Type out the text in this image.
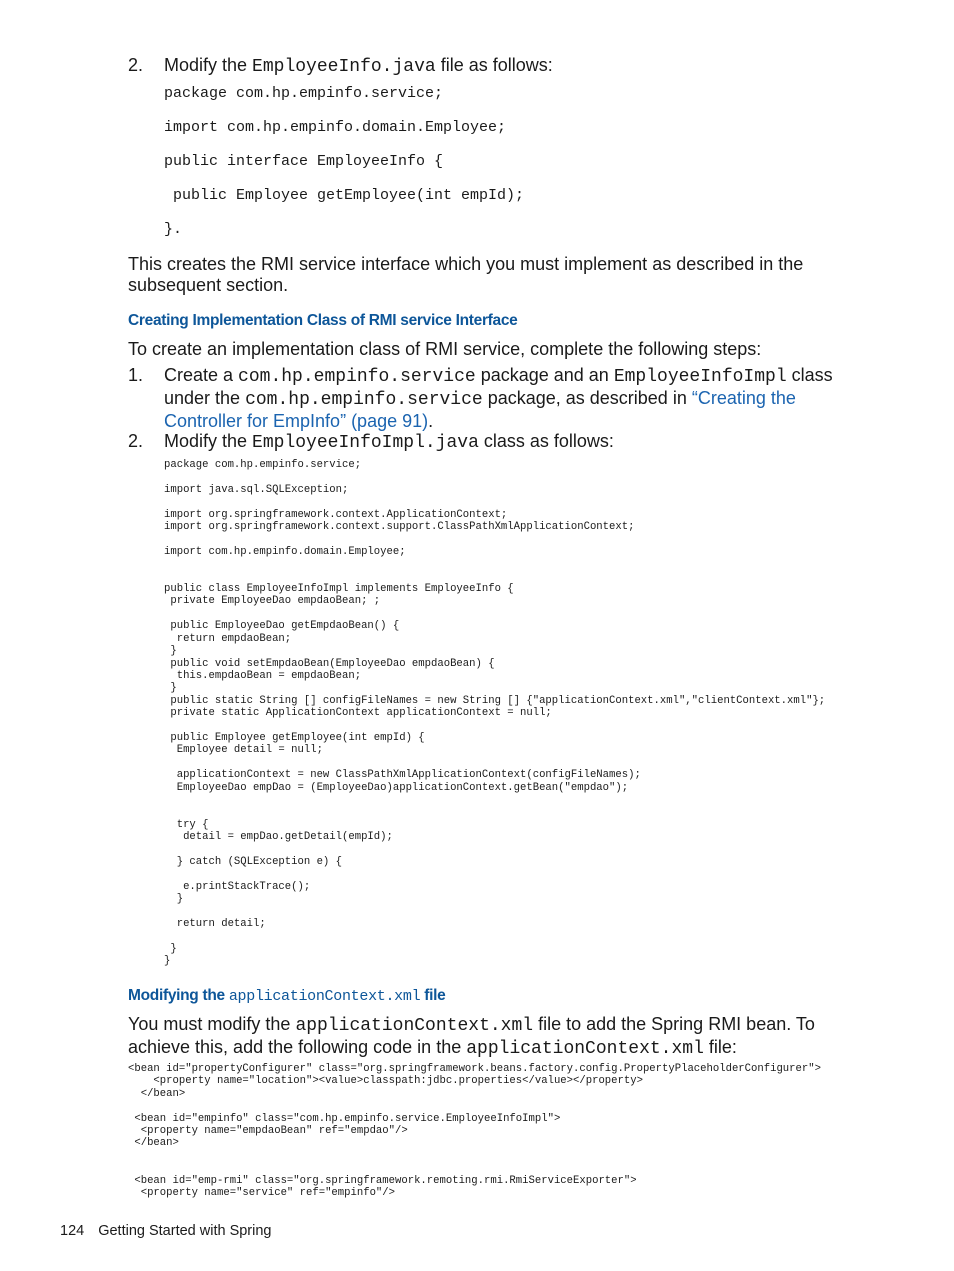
2. Modify the EmployeeInfo.java file as follows:
package com.hp.empinfo.service;

import com.hp.empinfo.domain.Employee;

public interface EmployeeInfo {

public Employee getEmployee(int empId);

}.

This creates the RMI service interface which you must implement as described in the subsequent section.

Creating Implementation Class of RMI service Interface

To create an implementation class of RMI service, complete the following steps:

1. Create a com.hp.empinfo.service package and an EmployeeInfoImpl class under the com.hp.empinfo.service package, as described in “Creating the Controller for EmpInfo” (page 91).
2. Modify the EmployeeInfoImpl.java class as follows:
package com.hp.empinfo.service;

import java.sql.SQLException;

import org.springframework.context.ApplicationContext;
import org.springframework.context.support.ClassPathXmlApplicationContext;

import com.hp.empinfo.domain.Employee;

public class EmployeeInfoImpl implements EmployeeInfo {
private EmployeeDao empdaoBean; ;

public EmployeeDao getEmpdaoBean() {
return empdaoBean;
}
public void setEmpdaoBean(EmployeeDao empdaoBean) {
this.empdaoBean = empdaoBean;
}
public static String [] configFileNames = new String [] {"applicationContext.xml","clientContext.xml"};
private static ApplicationContext applicationContext = null;

public Employee getEmployee(int empId) {
Employee detail = null;

applicationContext = new ClassPathXmlApplicationContext(configFileNames);
EmployeeDao empDao = (EmployeeDao)applicationContext.getBean("empdao");

try {
detail = empDao.getDetail(empId);

} catch (SQLException e) {

e.printStackTrace();
}

return detail;

}
}
Modifying the applicationContext.xml file

You must modify the applicationContext.xml file to add the Spring RMI bean. To achieve this, add the following code in the applicationContext.xml file:

<bean id="propertyConfigurer" class="org.springframework.beans.factory.config.PropertyPlaceholderConfigurer">
<property name="location"><value>classpath:jdbc.properties</value></property>
</bean>

<bean id="empinfo" class="com.hp.empinfo.service.EmployeeInfoImpl">
<property name="empdaoBean" ref="empdao"/>
</bean>

<bean id="emp-rmi" class="org.springframework.remoting.rmi.RmiServiceExporter">
<property name="service" ref="empinfo"/>
124 Getting Started with Spring
